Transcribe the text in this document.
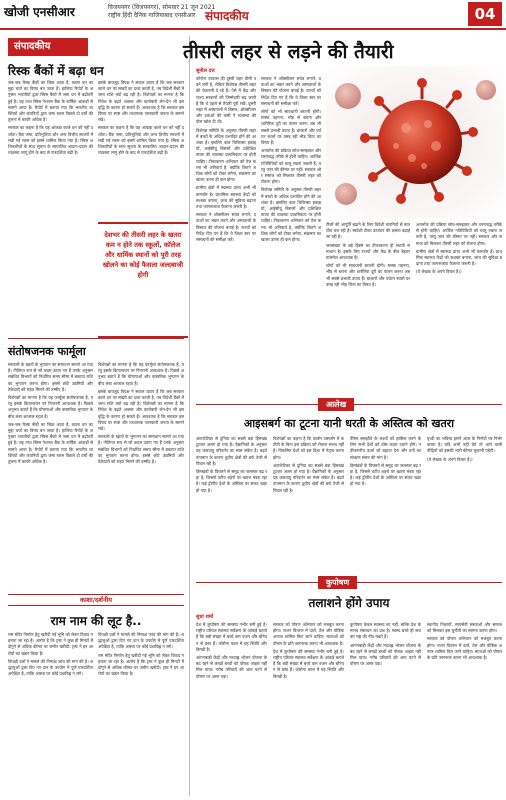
खोजी एनसीआर	विजयनगर (विजयनगर), सोमवार 21 जून 2021
राष्ट्रीय हिंदी दैनिक गाजियाबाद एनसीआर संपादकीय	04
संपादकीय
रिस्क बैंकों में बढ़ा धन

जब-जब रिस्क बैंकों का जिक्र आता है, काला धन का मुद्दा चर्चा का विषय बन जाता है। हालिया रिपोर्ट के अनुसार भारतीयों द्वारा स्विस बैंकों में जमा धन में बढ़ोतरी हुई है। यह तथ्य स्विस नेशनल बैंक के वार्षिक आंकड़ों से सामने आया है। रिपोर्ट में बताया गया कि भारतीय व्यक्तियों और कंपनियों द्वारा जमा रकम पिछले दो वर्षों की तुलना में काफी अधिक है।

सरकार का कहना है कि यह आंकड़ा काले धन को नहीं दर्शाता। बैंक जमा, प्रतिभूतियां और अन्य वित्तीय साधनों में रखी गई रकम को इसमें शामिल किया गया है। स्विस अधिकारियों के साथ सूचना के स्वचालित आदान-प्रदान की व्यवस्था लागू होने के बाद से पारदर्शिता बढ़ी है।

इसके बावजूद विपक्ष ने सवाल उठाए हैं कि जब सरकार काले धन पर सख्ती का दावा करती है, तब विदेशी बैंकों में जमा राशि क्यों बढ़ रही है। विशेषज्ञों का मानना है कि निवेश के बढ़ते अवसर और कारोबारी लेन-देन भी इस वृद्धि के कारण हो सकते हैं। आवश्यक है कि सरकार इस विषय पर स्पष्ट और तथ्यपरक जानकारी जनता के सामने रखे।

सरकार का कहना है कि यह आंकड़ा काले धन को नहीं दर्शाता। बैंक जमा, प्रतिभूतियां और अन्य वित्तीय साधनों में रखी गई रकम को इसमें शामिल किया गया है। स्विस अधिकारियों के साथ सूचना के स्वचालित आदान-प्रदान की व्यवस्था लागू होने के बाद से पारदर्शिता बढ़ी है।

देशभर की तीसरी लहर के खतरा कम न होने तक स्कूलों, कॉलेज और धार्मिक स्थानों को पूरी तरह खोलने का कोई फैसला जल्दबाजी होगी
संतोषजनक फार्मूला

सरकारी के खातों के भुगतान का समाधान सामने आ गया है। नीतिगत रूप से जो कदम उठाए गए हैं उनके अनुसार संबंधित विभागों को निर्धारित समय सीमा में बकाया राशि का भुगतान करना होगा। इससे छोटे उद्यमियों और ठेकेदारों को राहत मिलने की उम्मीद है।

विशेषज्ञों का मानना है कि यह फार्मूला संतोषजनक है, परंतु इसके क्रियान्वयन पर निगरानी आवश्यक है। पिछले अनुभव बताते हैं कि घोषणाओं और वास्तविक भुगतान के बीच लंबा अंतराल रहता है।

जब-जब रिस्क बैंकों का जिक्र आता है, काला धन का मुद्दा चर्चा का विषय बन जाता है। हालिया रिपोर्ट के अनुसार भारतीयों द्वारा स्विस बैंकों में जमा धन में बढ़ोतरी हुई है। यह तथ्य स्विस नेशनल बैंक के वार्षिक आंकड़ों से सामने आया है। रिपोर्ट में बताया गया कि भारतीय व्यक्तियों और कंपनियों द्वारा जमा रकम पिछले दो वर्षों की तुलना में काफी अधिक है।

विशेषज्ञों का मानना है कि यह फार्मूला संतोषजनक है, परंतु इसके क्रियान्वयन पर निगरानी आवश्यक है। पिछले अनुभव बताते हैं कि घोषणाओं और वास्तविक भुगतान के बीच लंबा अंतराल रहता है।

इसके बावजूद विपक्ष ने सवाल उठाए हैं कि जब सरकार काले धन पर सख्ती का दावा करती है, तब विदेशी बैंकों में जमा राशि क्यों बढ़ रही है। विशेषज्ञों का मानना है कि निवेश के बढ़ते अवसर और कारोबारी लेन-देन भी इस वृद्धि के कारण हो सकते हैं। आवश्यक है कि सरकार इस विषय पर स्पष्ट और तथ्यपरक जानकारी जनता के सामने रखे।

सरकारी के खातों के भुगतान का समाधान सामने आ गया है। नीतिगत रूप से जो कदम उठाए गए हैं उनके अनुसार संबंधित विभागों को निर्धारित समय सीमा में बकाया राशि का भुगतान करना होगा। इससे छोटे उद्यमियों और ठेकेदारों को राहत मिलने की उम्मीद है।

काशा/दर्शनीय
राम नाम की लूट है..

राम मंदिर निर्माण हेतु खरीदी गई भूमि को लेकर विवाद गहराता जा रहा है। आरोप है कि ट्रस्ट ने कुछ ही मिनटों में दोगुने से अधिक कीमत पर जमीन खरीदी। ट्रस्ट ने इन आरोपों का खंडन किया है।

विपक्षी दलों ने मामले की निष्पक्ष जांच की मांग की है। श्रद्धालुओं द्वारा दिए गए दान के उपयोग में पूर्ण पारदर्शिता अपेक्षित है, ताकि आस्था पर कोई प्रश्नचिह्न न लगे।

विपक्षी दलों ने मामले की निष्पक्ष जांच की मांग की है। श्रद्धालुओं द्वारा दिए गए दान के उपयोग में पूर्ण पारदर्शिता अपेक्षित है, ताकि आस्था पर कोई प्रश्नचिह्न न लगे।

राम मंदिर निर्माण हेतु खरीदी गई भूमि को लेकर विवाद गहराता जा रहा है। आरोप है कि ट्रस्ट ने कुछ ही मिनटों में दोगुने से अधिक कीमत पर जमीन खरीदी। ट्रस्ट ने इन आरोपों का खंडन किया है।

तीसरी लहर से लड़ने की तैयारी
सुनील दत्त

कोरोना वायरस की दूसरी लहर धीमी पड़ने लगी है, लेकिन विशेषज्ञ तीसरी लहर की चेतावनी दे रहे हैं। ऐसे में केंद्र और राज्य सरकारों की जिम्मेदारी बढ़ जाती है कि वे पहले से तैयारी पूरी रखें। दूसरी लहर में अस्पतालों में बिस्तर, ऑक्सीजन और दवाओं की कमी ने व्यवस्था की पोल खोल दी थी।

विशेषज्ञ समिति के अनुसार तीसरी लहर में बच्चों के अधिक प्रभावित होने की आशंका है। इसलिए बाल चिकित्सा इकाइयों, आईसीयू बिस्तरों और प्रशिक्षित स्टाफ की व्यवस्था प्राथमिकता पर होनी चाहिए। टीकाकरण अभियान को तेज करना भी अनिवार्य है, क्योंकि जितने अधिक लोगों को टीका लगेगा, संक्रमण का खतरा उतना ही कम होगा।

ग्रामीण क्षेत्रों में स्वास्थ्य ढांचा अभी भी कमजोर है। प्राथमिक स्वास्थ्य केंद्रों को सशक्त बनाना, जांच की सुविधा बढ़ाना तथा जागरूकता फैलाना जरूरी है।

सरकार ने ऑक्सीजन संयंत्र लगाने, दवाओं का भंडार करने और अस्पतालों के विस्तार की योजना बनाई है। राज्यों को निर्देश दिए गए हैं कि वे जिला स्तर पर संसाधनों की समीक्षा करें।

सरकार ने ऑक्सीजन संयंत्र लगाने, दवाओं का भंडार करने और अस्पतालों के विस्तार की योजना बनाई है। राज्यों को निर्देश दिए गए हैं कि वे जिला स्तर पर संसाधनों की समीक्षा करें।

लोगों को भी सावधानी बरतनी होगी। मास्क पहनना, भीड़ से बचना और शारीरिक दूरी का पालन करना अब भी सबसे प्रभावी उपाय हैं। बाजारों और पर्यटन स्थलों पर उमड़ रही भीड़ चिंता का विषय है।

अनलॉक की प्रक्रिया सोच-समझकर और चरणबद्ध तरीके से होनी चाहिए। आर्थिक गतिविधियों को चालू रखना जरूरी है, परंतु जान की कीमत पर नहीं। सरकार और समाज को मिलकर तीसरी लहर को रोकना होगा।

विशेषज्ञ समिति के अनुसार तीसरी लहर में बच्चों के अधिक प्रभावित होने की आशंका है। इसलिए बाल चिकित्सा इकाइयों, आईसीयू बिस्तरों और प्रशिक्षित स्टाफ की व्यवस्था प्राथमिकता पर होनी चाहिए। टीकाकरण अभियान को तेज करना भी अनिवार्य है, क्योंकि जितने अधिक लोगों को टीका लगेगा, संक्रमण का खतरा उतना ही कम होगा।

टीकों की आपूर्ति बढ़ाने के लिए विदेशी कंपनियों से बातचीत चल रही है। स्वदेशी टीका उत्पादन की क्षमता बढ़ाई जा रही है।

जनसंख्या के बड़े हिस्से का टीकाकरण ही स्थायी समाधान है। इसके लिए राज्यों और केंद्र के बीच बेहतर तालमेल आवश्यक है।

लोगों को भी सावधानी बरतनी होगी। मास्क पहनना, भीड़ से बचना और शारीरिक दूरी का पालन करना अब भी सबसे प्रभावी उपाय हैं। बाजारों और पर्यटन स्थलों पर उमड़ रही भीड़ चिंता का विषय है।

अनलॉक की प्रक्रिया सोच-समझकर और चरणबद्ध तरीके से होनी चाहिए। आर्थिक गतिविधियों को चालू रखना जरूरी है, परंतु जान की कीमत पर नहीं। सरकार और समाज को मिलकर तीसरी लहर को रोकना होगा।

ग्रामीण क्षेत्रों में स्वास्थ्य ढांचा अभी भी कमजोर है। प्राथमिक स्वास्थ्य केंद्रों को सशक्त बनाना, जांच की सुविधा बढ़ाना तथा जागरूकता फैलाना जरूरी है।

(ये लेखक के अपने विचार हैं।)

आलेख
आइसबर्ग का टूटना यानी धरती के अस्तित्व को खतरा

अंटार्कटिका से दुनिया का सबसे बड़ा हिमखंड टूटकर अलग हो गया है। वैज्ञानिकों के अनुसार यह जलवायु परिवर्तन का स्पष्ट संकेत है। बढ़ते तापमान के कारण ध्रुवीय क्षेत्रों की बर्फ तेजी से पिघल रही है।

हिमखंडों के पिघलने से समुद्र का जलस्तर बढ़ रहा है, जिससे तटीय शहरों पर खतरा मंडरा रहा है। कई द्वीपीय देशों के अस्तित्व पर संकट खड़ा हो गया है।

विशेषज्ञों का कहना है कि कार्बन उत्सर्जन में कटौती के बिना इस प्रक्रिया को रोकना संभव नहीं है। विकसित देशों को इस दिशा में नेतृत्व करना होगा।

अंटार्कटिका से दुनिया का सबसे बड़ा हिमखंड टूटकर अलग हो गया है। वैज्ञानिकों के अनुसार यह जलवायु परिवर्तन का स्पष्ट संकेत है। बढ़ते तापमान के कारण ध्रुवीय क्षेत्रों की बर्फ तेजी से पिघल रही है।

पेरिस समझौते के लक्ष्यों को हासिल करने के लिए सभी देशों को ठोस कदम उठाने होंगे। नवीकरणीय ऊर्जा को बढ़ावा देना और वनों का संरक्षण समय की मांग है।

हिमखंडों के पिघलने से समुद्र का जलस्तर बढ़ रहा है, जिससे तटीय शहरों पर खतरा मंडरा रहा है। कई द्वीपीय देशों के अस्तित्व पर संकट खड़ा हो गया है।

पृथ्वी का भविष्य हमारे आज के निर्णयों पर निर्भर करता है। यदि अभी नहीं चेते तो आने वाली पीढ़ियों को इसकी भारी कीमत चुकानी पड़ेगी।

(ये लेखक के अपने विचार हैं।)

कुपोषण
तलाशने होंगे उपाय
सुधा शर्मा

देश में कुपोषण की समस्या गंभीर बनी हुई है। राष्ट्रीय परिवार स्वास्थ्य सर्वेक्षण के आंकड़े बताते हैं कि बड़ी संख्या में बच्चे कम वजन और बौनेपन से ग्रस्त हैं। कोरोना काल में यह स्थिति और बिगड़ी है।

आंगनबाड़ी केंद्रों और मध्याह्न भोजन योजना के बंद रहने से लाखों बच्चों को पोषक आहार नहीं मिल पाया। गरीब परिवारों की आय घटने से पोषण पर असर पड़ा।

सरकार को पोषण अभियान को मजबूत करना होगा। राशन वितरण में दालें, तेल और पौष्टिक अनाज शामिल किए जाने चाहिए। माताओं को पोषण के प्रति जागरूक करना भी आवश्यक है।

देश में कुपोषण की समस्या गंभीर बनी हुई है। राष्ट्रीय परिवार स्वास्थ्य सर्वेक्षण के आंकड़े बताते हैं कि बड़ी संख्या में बच्चे कम वजन और बौनेपन से ग्रस्त हैं। कोरोना काल में यह स्थिति और बिगड़ी है।

कुपोषण केवल स्वास्थ्य का नहीं, बल्कि देश के मानव संसाधन का प्रश्न है। स्वस्थ बच्चे ही सशक्त राष्ट्र की नींव रखते हैं।

आंगनबाड़ी केंद्रों और मध्याह्न भोजन योजना के बंद रहने से लाखों बच्चों को पोषक आहार नहीं मिल पाया। गरीब परिवारों की आय घटने से पोषण पर असर पड़ा।

स्थानीय निकायों, स्वयंसेवी संस्थाओं और समाज को मिलकर इस चुनौती का सामना करना होगा।

सरकार को पोषण अभियान को मजबूत करना होगा। राशन वितरण में दालें, तेल और पौष्टिक अनाज शामिल किए जाने चाहिए। माताओं को पोषण के प्रति जागरूक करना भी आवश्यक है।
